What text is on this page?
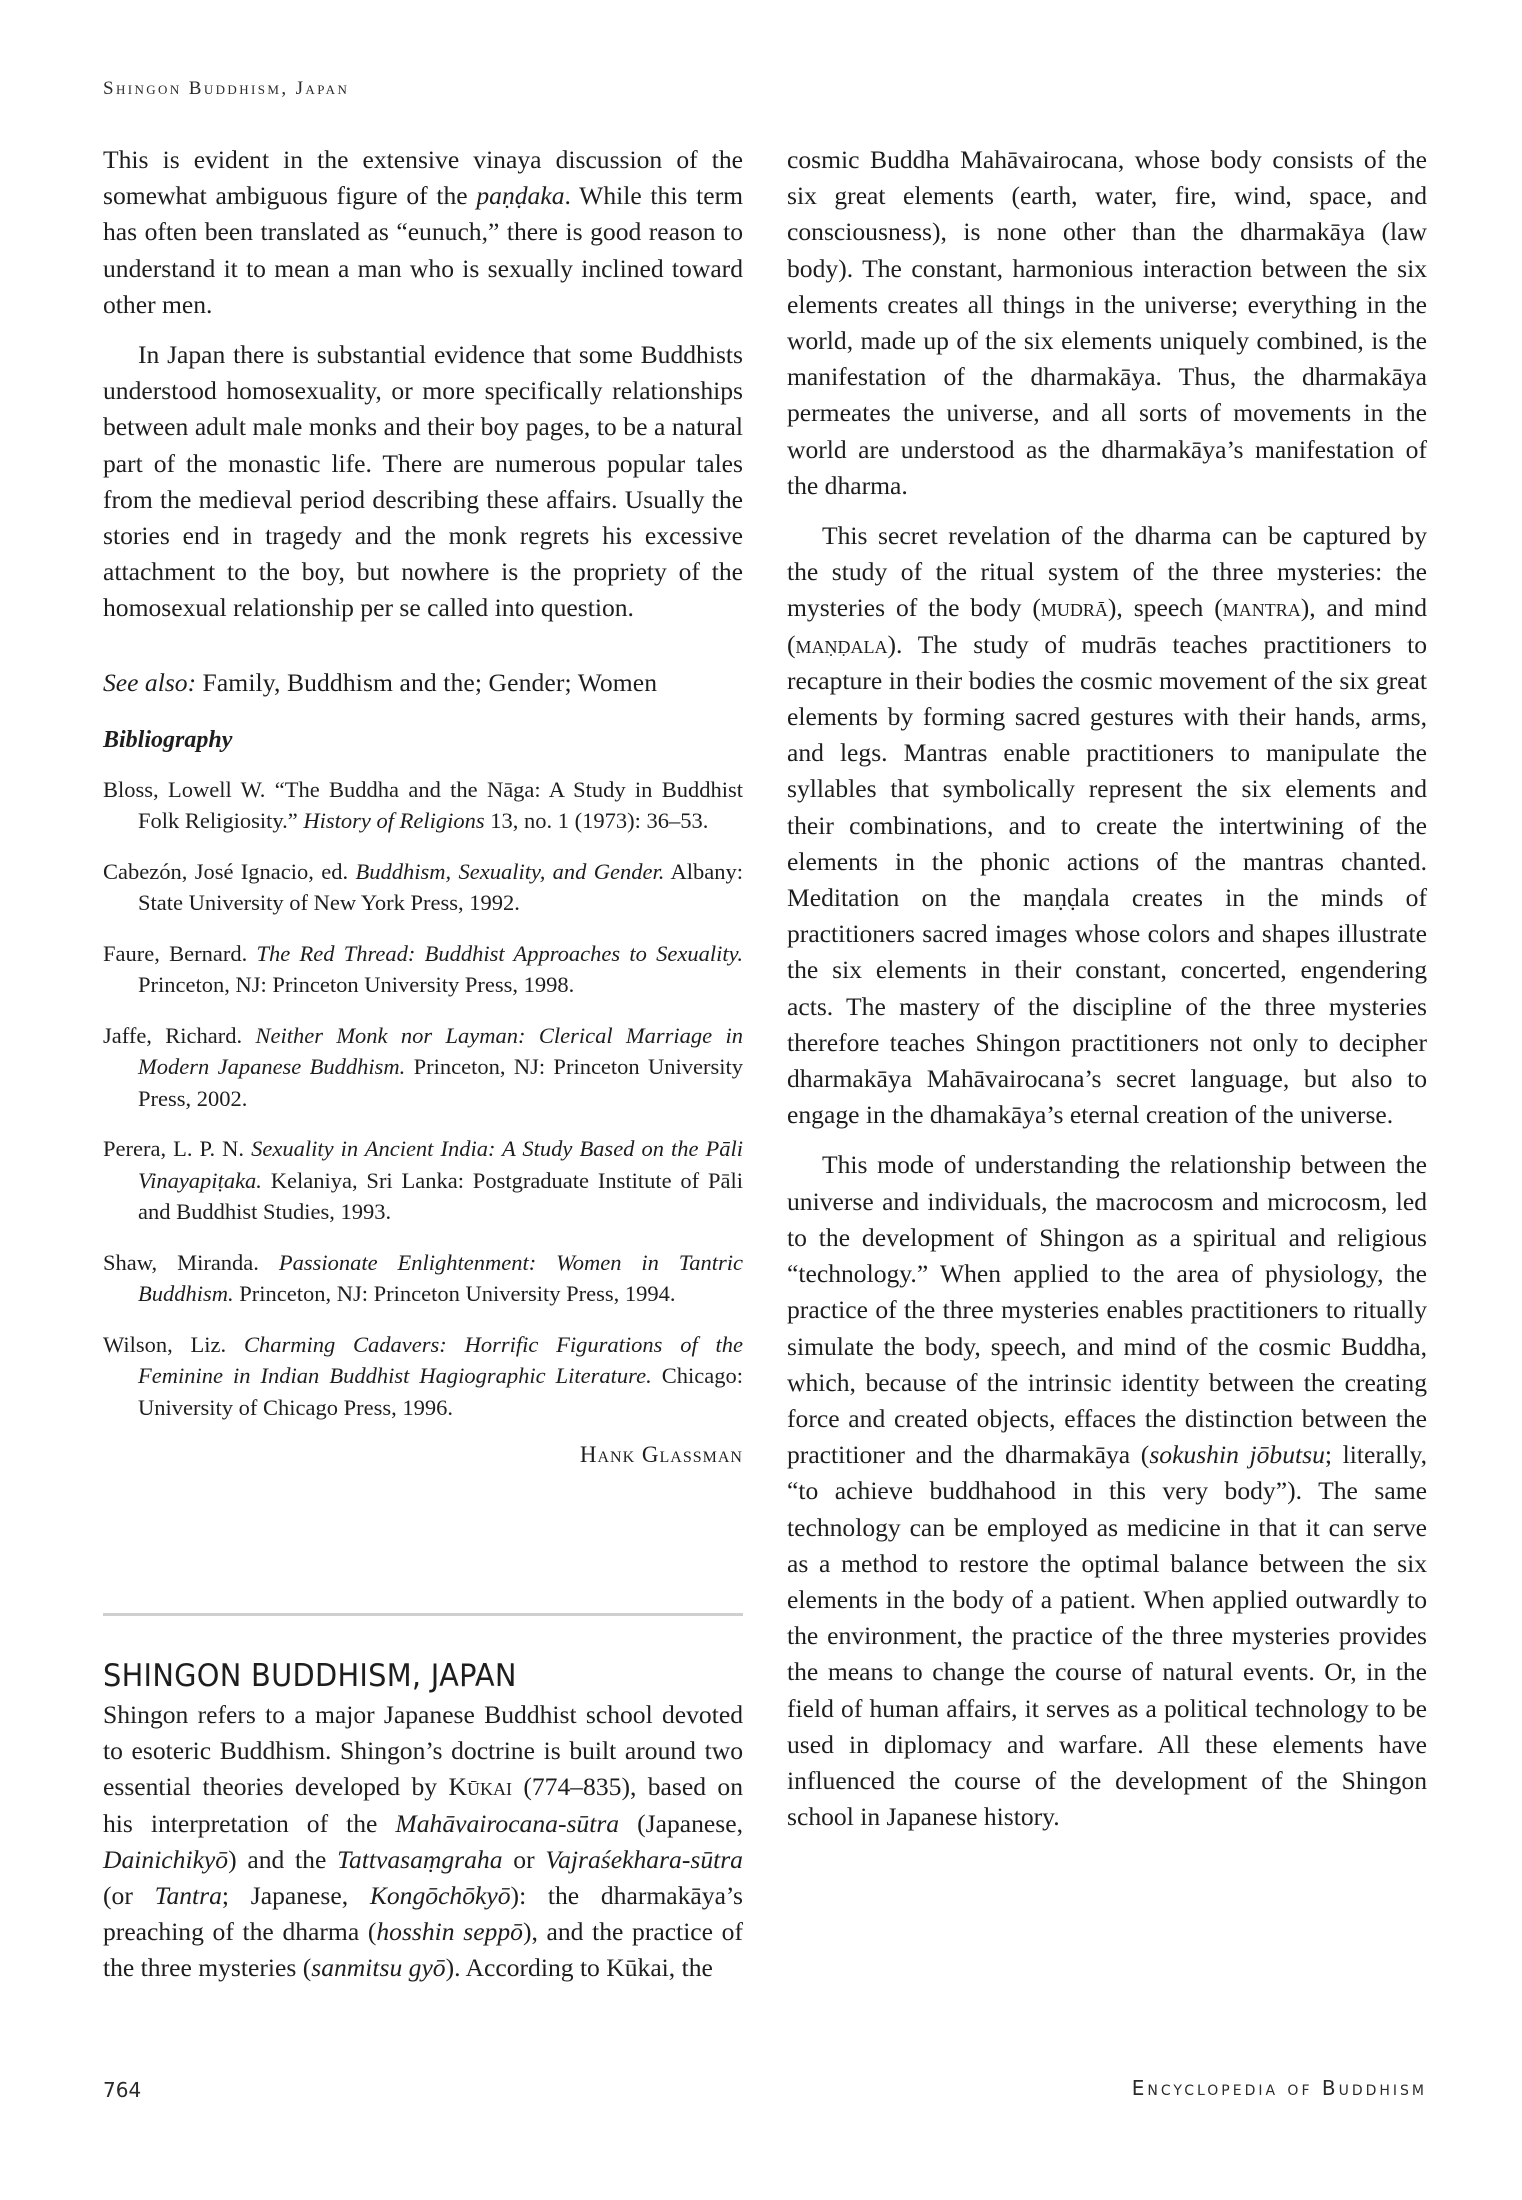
Shingon Buddhism, Japan

This is evident in the extensive vinaya discussion of the somewhat ambiguous figure of the paṇḍaka. While this term has often been translated as “eunuch,” there is good reason to understand it to mean a man who is sexually inclined toward other men.

In Japan there is substantial evidence that some Buddhists understood homosexuality, or more specifically relationships between adult male monks and their boy pages, to be a natural part of the monastic life. There are numerous popular tales from the medieval period describing these affairs. Usually the stories end in tragedy and the monk regrets his excessive attachment to the boy, but nowhere is the propriety of the homosexual relationship per se called into question.

See also: Family, Buddhism and the; Gender; Women
Bibliography

Bloss, Lowell W. “The Buddha and the Nāga: A Study in Buddhist Folk Religiosity.” History of Religions 13, no. 1 (1973): 36–53.

Cabezón, José Ignacio, ed. Buddhism, Sexuality, and Gender. Albany: State University of New York Press, 1992.

Faure, Bernard. The Red Thread: Buddhist Approaches to Sexuality. Princeton, NJ: Princeton University Press, 1998.

Jaffe, Richard. Neither Monk nor Layman: Clerical Marriage in Modern Japanese Buddhism. Princeton, NJ: Princeton University Press, 2002.

Perera, L. P. N. Sexuality in Ancient India: A Study Based on the Pāli Vinayapiṭaka. Kelaniya, Sri Lanka: Postgraduate Institute of Pāli and Buddhist Studies, 1993.

Shaw, Miranda. Passionate Enlightenment: Women in Tantric Buddhism. Princeton, NJ: Princeton University Press, 1994.

Wilson, Liz. Charming Cadavers: Horrific Figurations of the Feminine in Indian Buddhist Hagiographic Literature. Chicago: University of Chicago Press, 1996.

Hank Glassman
SHINGON BUDDHISM, JAPAN

Shingon refers to a major Japanese Buddhist school devoted to esoteric Buddhism. Shingon’s doctrine is built around two essential theories developed by Kūkai (774–835), based on his interpretation of the Mahāvairocana-sūtra (Japanese, Dainichikyō) and the Tattvasaṃgraha or Vajraśekhara-sūtra (or Tantra; Japanese, Kongōchōkyō): the dharmakāya’s preaching of the dharma (hosshin seppō), and the practice of the three mysteries (sanmitsu gyō). According to Kūkai, the

cosmic Buddha Mahāvairocana, whose body consists of the six great elements (earth, water, fire, wind, space, and consciousness), is none other than the dharmakāya (law body). The constant, harmonious interaction between the six elements creates all things in the universe; everything in the world, made up of the six elements uniquely combined, is the manifestation of the dharmakāya. Thus, the dharmakāya permeates the universe, and all sorts of movements in the world are understood as the dharmakāya’s manifestation of the dharma.

This secret revelation of the dharma can be captured by the study of the ritual system of the three mysteries: the mysteries of the body (mudrā), speech (mantra), and mind (maṇḍala). The study of mudrās teaches practitioners to recapture in their bodies the cosmic movement of the six great elements by forming sacred gestures with their hands, arms, and legs. Mantras enable practitioners to manipulate the syllables that symbolically represent the six elements and their combinations, and to create the intertwining of the elements in the phonic actions of the mantras chanted. Meditation on the maṇḍala creates in the minds of practitioners sacred images whose colors and shapes illustrate the six elements in their constant, concerted, engendering acts. The mastery of the discipline of the three mysteries therefore teaches Shingon practitioners not only to decipher dharmakāya Mahāvairocana’s secret language, but also to engage in the dhamakāya’s eternal creation of the universe.

This mode of understanding the relationship between the universe and individuals, the macrocosm and microcosm, led to the development of Shingon as a spiritual and religious “technology.” When applied to the area of physiology, the practice of the three mysteries enables practitioners to ritually simulate the body, speech, and mind of the cosmic Buddha, which, because of the intrinsic identity between the creating force and created objects, effaces the distinction between the practitioner and the dharmakāya (sokushin jōbutsu; literally, “to achieve buddhahood in this very body”). The same technology can be employed as medicine in that it can serve as a method to restore the optimal balance between the six elements in the body of a patient. When applied outwardly to the environment, the practice of the three mysteries provides the means to change the course of natural events. Or, in the field of human affairs, it serves as a political technology to be used in diplomacy and warfare. All these elements have influenced the course of the development of the Shingon school in Japanese history.

764	Encyclopedia of Buddhism
